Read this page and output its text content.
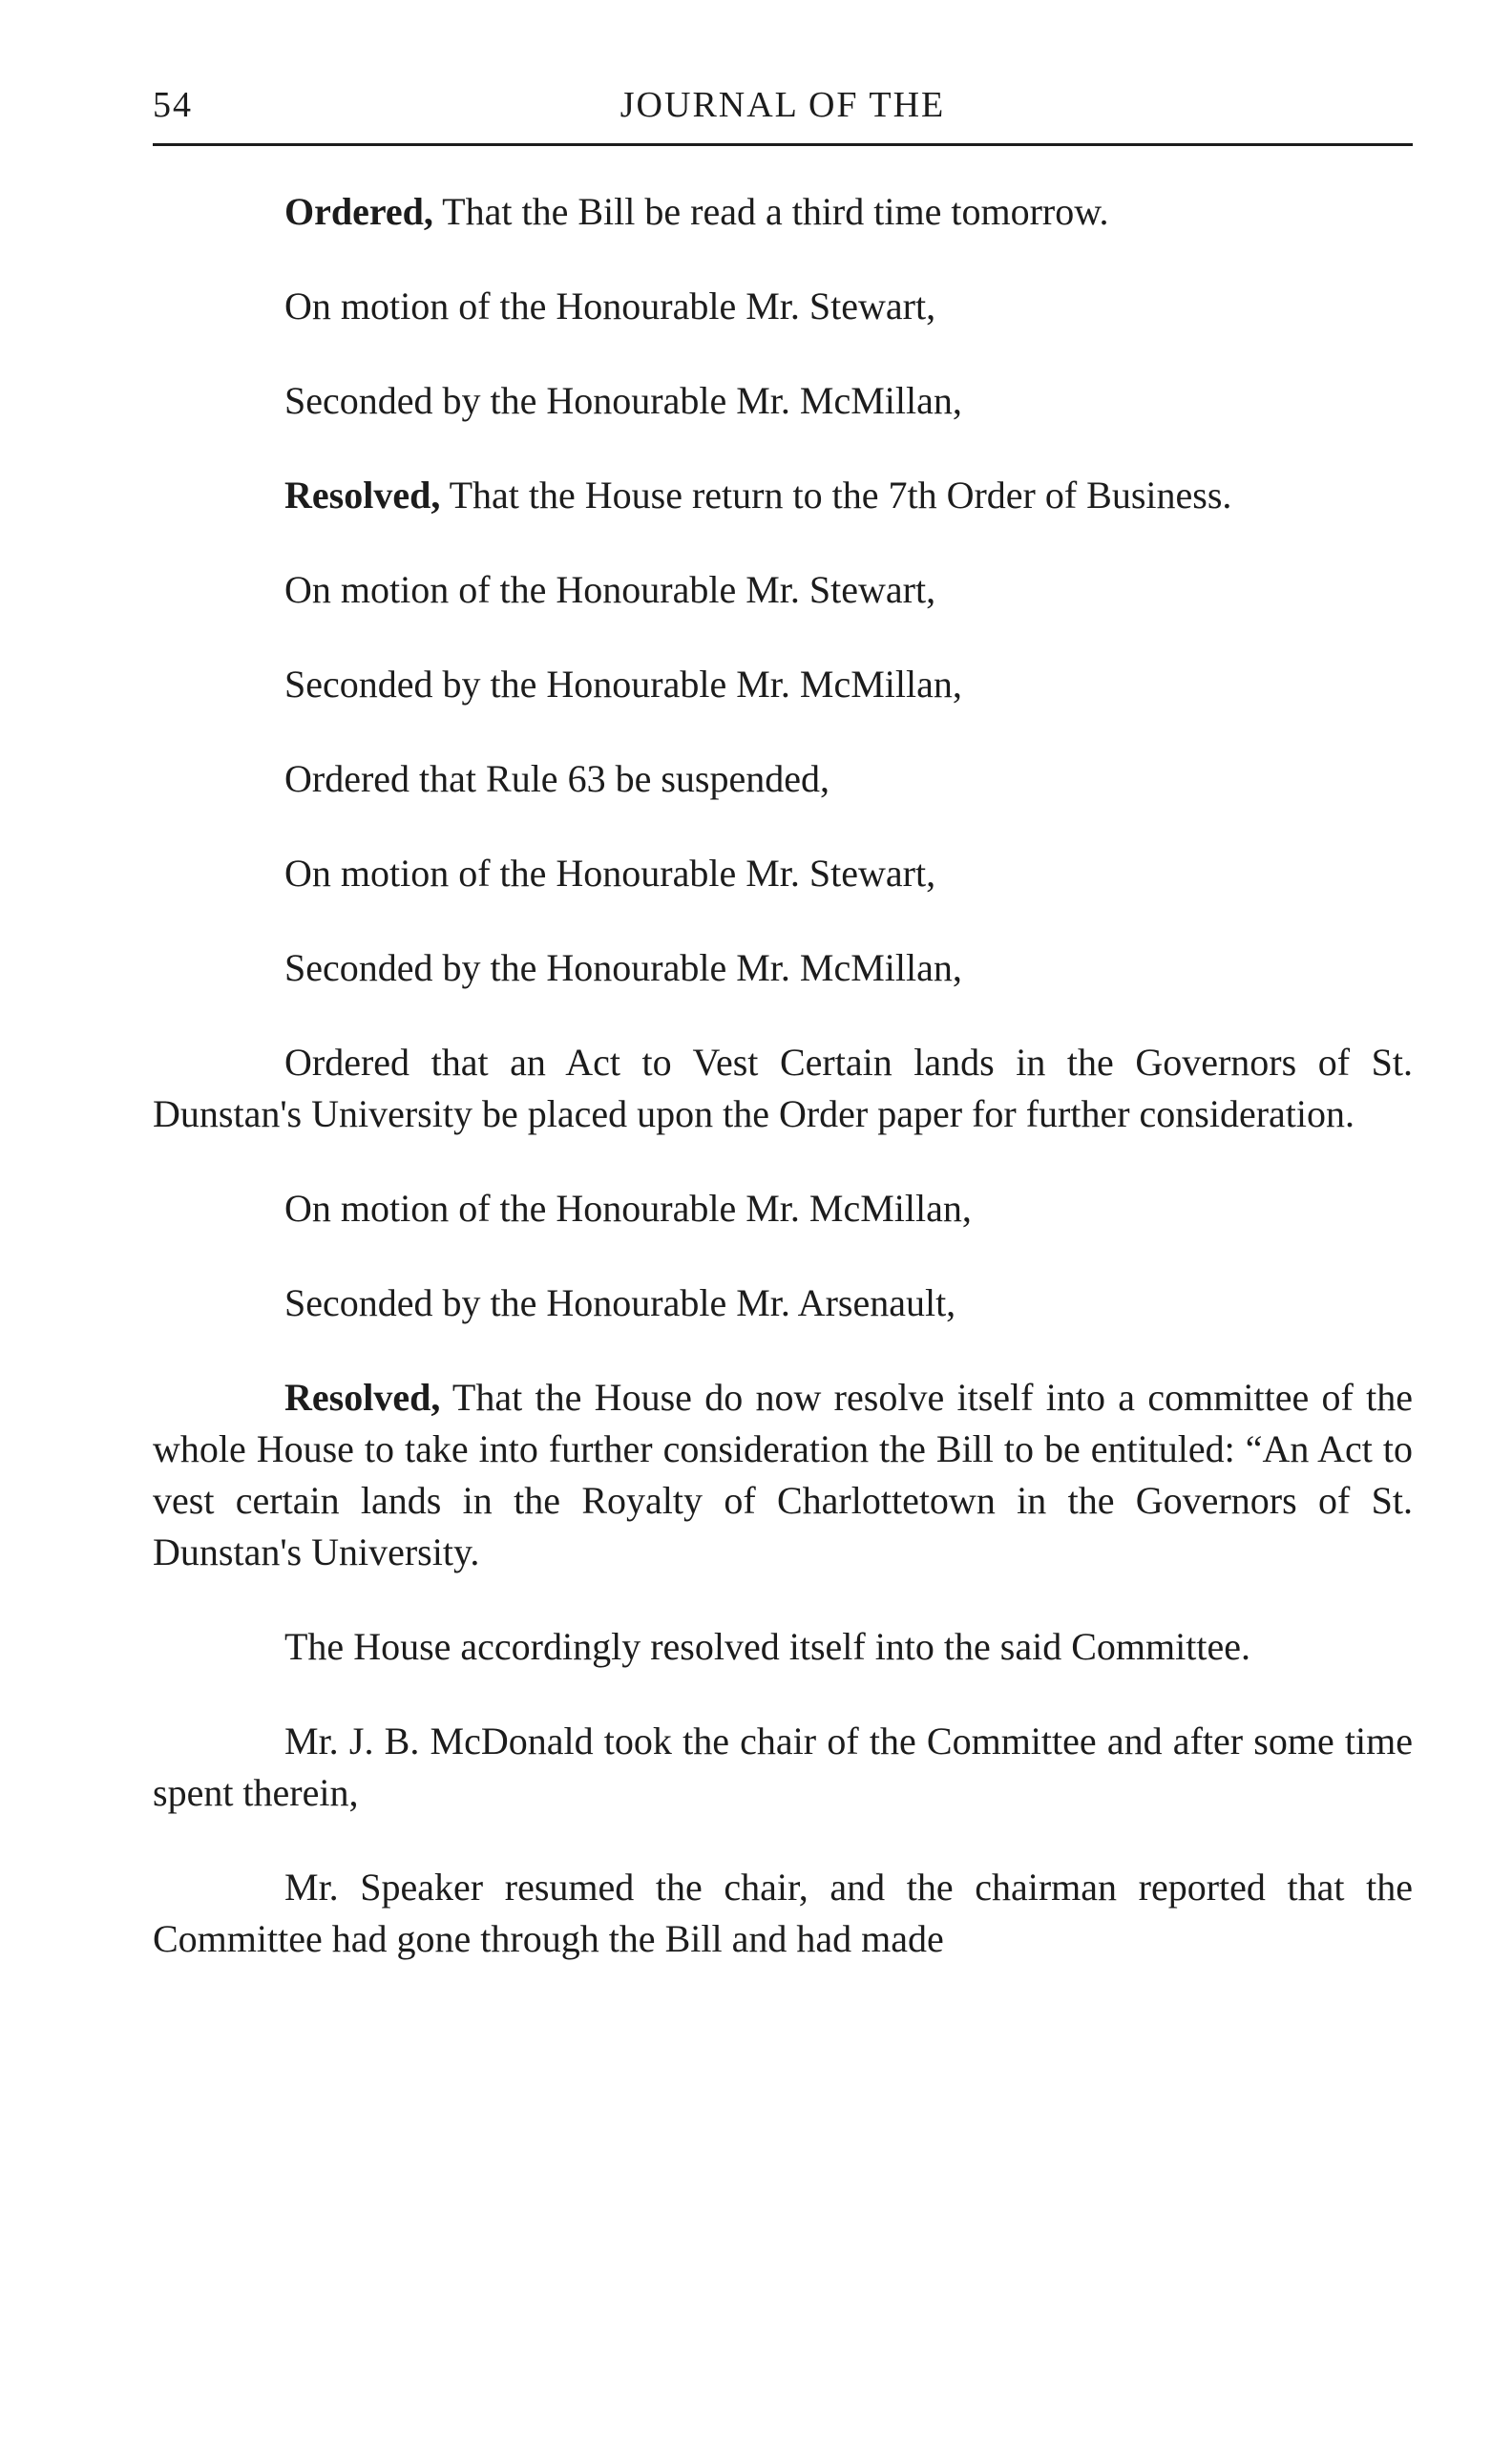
54	JOURNAL OF THE

Ordered, That the Bill be read a third time tomorrow.

On motion of the Honourable Mr. Stewart,

Seconded by the Honourable Mr. McMillan,

Resolved, That the House return to the 7th Order of Business.

On motion of the Honourable Mr. Stewart,

Seconded by the Honourable Mr. McMillan,

Ordered that Rule 63 be suspended,

On motion of the Honourable Mr. Stewart,

Seconded by the Honourable Mr. McMillan,

Ordered that an Act to Vest Certain lands in the Governors of St. Dunstan's University be placed upon the Order paper for further consideration.

On motion of the Honourable Mr. McMillan,

Seconded by the Honourable Mr. Arsenault,

Resolved, That the House do now resolve itself into a committee of the whole House to take into further consideration the Bill to be entituled: “An Act to vest certain lands in the Royalty of Charlottetown in the Governors of St. Dunstan's University.

The House accordingly resolved itself into the said Committee.

Mr. J. B. McDonald took the chair of the Committee and after some time spent therein,

Mr. Speaker resumed the chair, and the chairman reported that the Committee had gone through the Bill and had made
